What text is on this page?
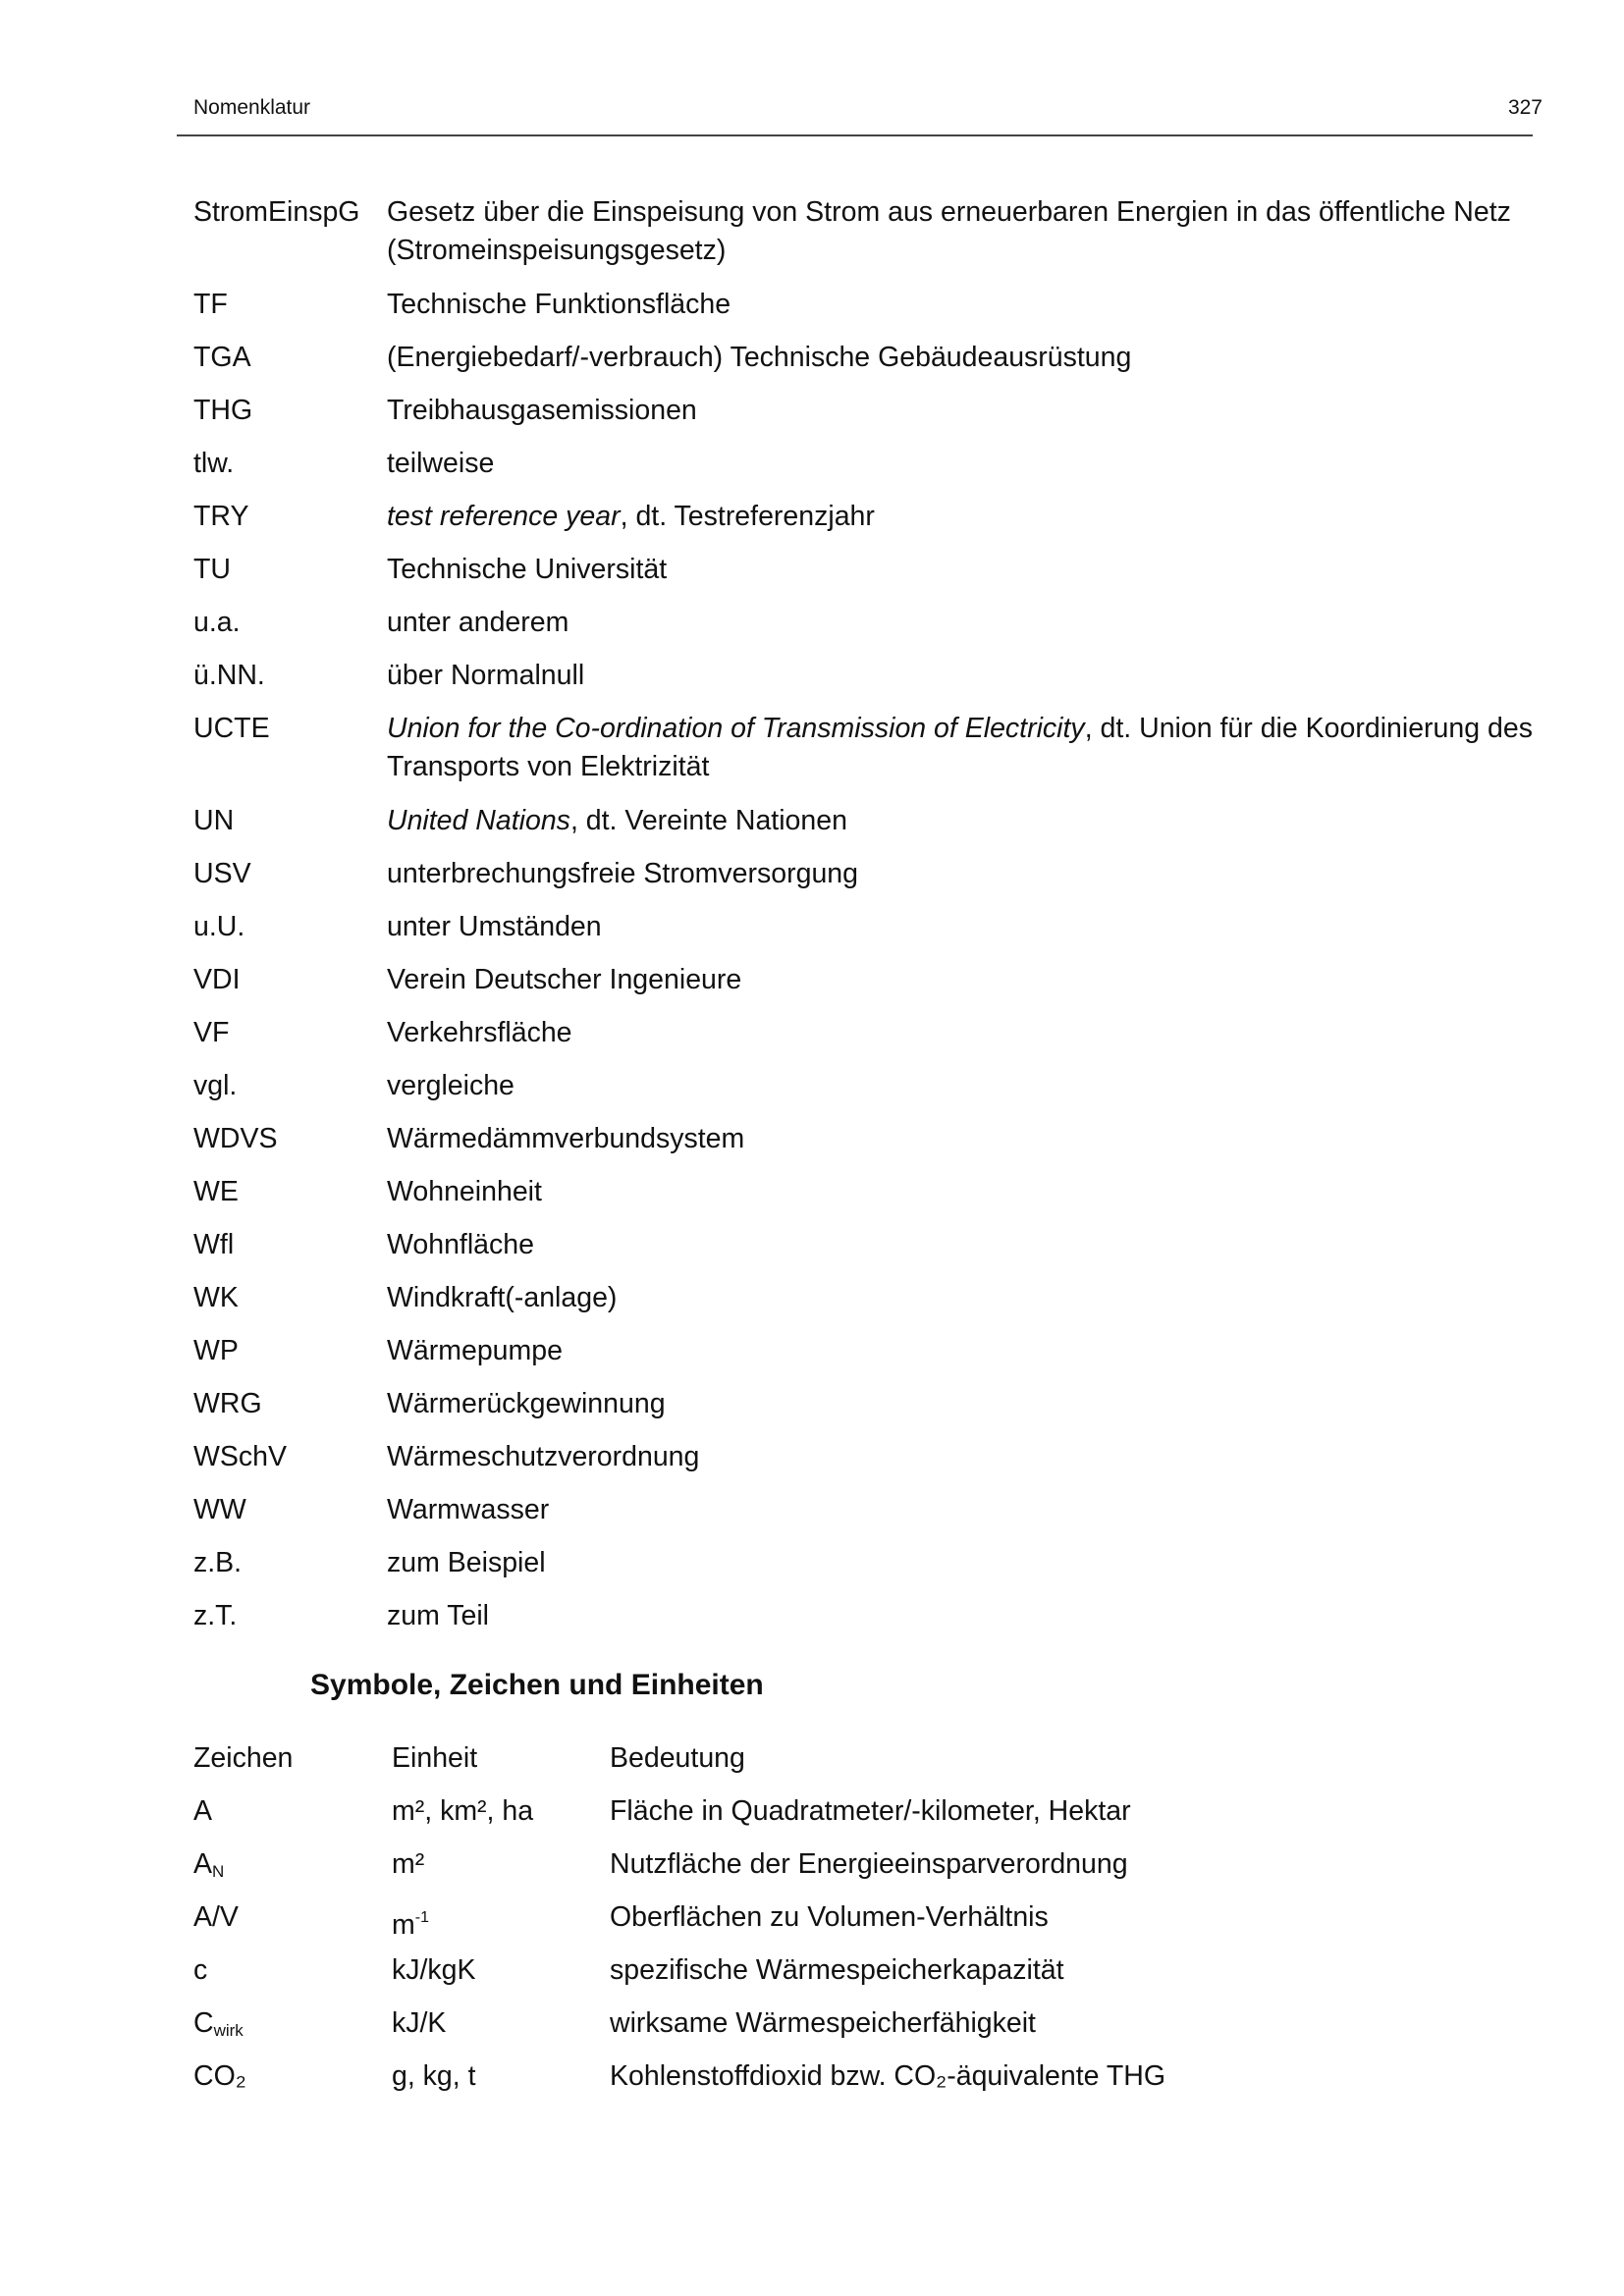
Nomenklatur	327
StromEinspG Gesetz über die Einspeisung von Strom aus erneuerbaren Energien in das öffentliche Netz (Stromeinspeisungsgesetz)
TF	Technische Funktionsfläche
TGA	(Energiebedarf/-verbrauch) Technische Gebäudeausrüstung
THG	Treibhausgasemissionen
tlw.	teilweise
TRY	test reference year, dt. Testreferenzjahr
TU	Technische Universität
u.a.	unter anderem
ü.NN.	über Normalnull
UCTE	Union for the Co-ordination of Transmission of Electricity, dt. Union für die Koordinierung des Transports von Elektrizität
UN	United Nations, dt. Vereinte Nationen
USV	unterbrechungsfreie Stromversorgung
u.U.	unter Umständen
VDI	Verein Deutscher Ingenieure
VF	Verkehrsfläche
vgl.	vergleiche
WDVS	Wärmedämmverbundsystem
WE	Wohneinheit
Wfl	Wohnfläche
WK	Windkraft(-anlage)
WP	Wärmepumpe
WRG	Wärmerückgewinnung
WSchV	Wärmeschutzverordnung
WW	Warmwasser
z.B.	zum Beispiel
z.T.	zum Teil
Symbole, Zeichen und Einheiten
Zeichen	Einheit	Bedeutung
A	m², km², ha	Fläche in Quadratmeter/-kilometer, Hektar
AN	m²	Nutzfläche der Energieeinsparverordnung
A/V	$m^{-1}$	Oberflächen zu Volumen-Verhältnis
c	kJ/kgK	spezifische Wärmespeicherkapazität
Cwirk	kJ/K	wirksame Wärmespeicherfähigkeit
CO₂	g, kg, t	Kohlenstoffdioxid bzw. CO₂-äquivalente THG
